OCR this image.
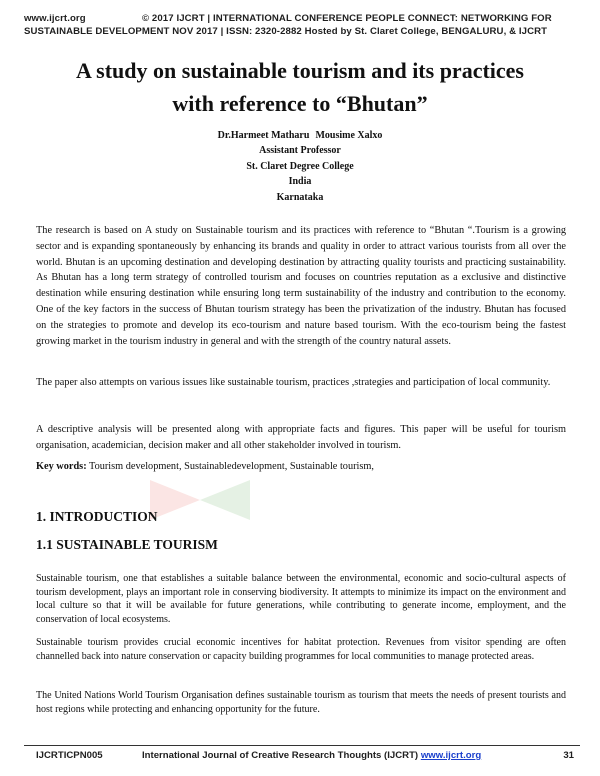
www.ijcrt.org	© 2017 IJCRT | INTERNATIONAL CONFERENCE PEOPLE CONNECT: NETWORKING FOR
SUSTAINABLE DEVELOPMENT NOV 2017 | ISSN: 2320-2882 Hosted by St. Claret College, BENGALURU, & IJCRT
A study on sustainable tourism and its practices
with reference to “Bhutan”
Dr.Harmeet Matharu Mousime Xalxo
Assistant Professor
St. Claret Degree College
India
Karnataka

The research is based on A study on Sustainable tourism and its practices with reference to “Bhutan “.Tourism is a growing sector and is expanding spontaneously by enhancing its brands and quality in order to attract various tourists from all over the world. Bhutan is an upcoming destination and developing destination by attracting quality tourists and practicing sustainability. As Bhutan has a long term strategy of controlled tourism and focuses on countries reputation as a exclusive and distinctive destination while ensuring destination while ensuring long term sustainability of the industry and contribution to the economy. One of the key factors in the success of Bhutan tourism strategy has been the privatization of the industry. Bhutan has focused on the strategies to promote and develop its eco-tourism and nature based tourism. With the eco-tourism being the fastest growing market in the tourism industry in general and with the strength of the country natural assets.

The paper also attempts on various issues like sustainable tourism, practices ,strategies and participation of local community.

A descriptive analysis will be presented along with appropriate facts and figures. This paper will be useful for tourism organisation, academician, decision maker and all other stakeholder involved in tourism.

Key words: Tourism development, Sustainabledevelopment, Sustainable tourism,

1. INTRODUCTION
1.1 SUSTAINABLE TOURISM

Sustainable tourism, one that establishes a suitable balance between the environmental, economic and socio-cultural aspects of tourism development, plays an important role in conserving biodiversity. It attempts to minimize its impact on the environment and local culture so that it will be available for future generations, while contributing to generate income, employment, and the conservation of local ecosystems.

Sustainable tourism provides crucial economic incentives for habitat protection. Revenues from visitor spending are often channelled back into nature conservation or capacity building programmes for local communities to manage protected areas.

The United Nations World Tourism Organisation defines sustainable tourism as tourism that meets the needs of present tourists and host regions while protecting and enhancing opportunity for the future.

IJCRTICPN005	International Journal of Creative Research Thoughts (IJCRT) www.ijcrt.org	31
